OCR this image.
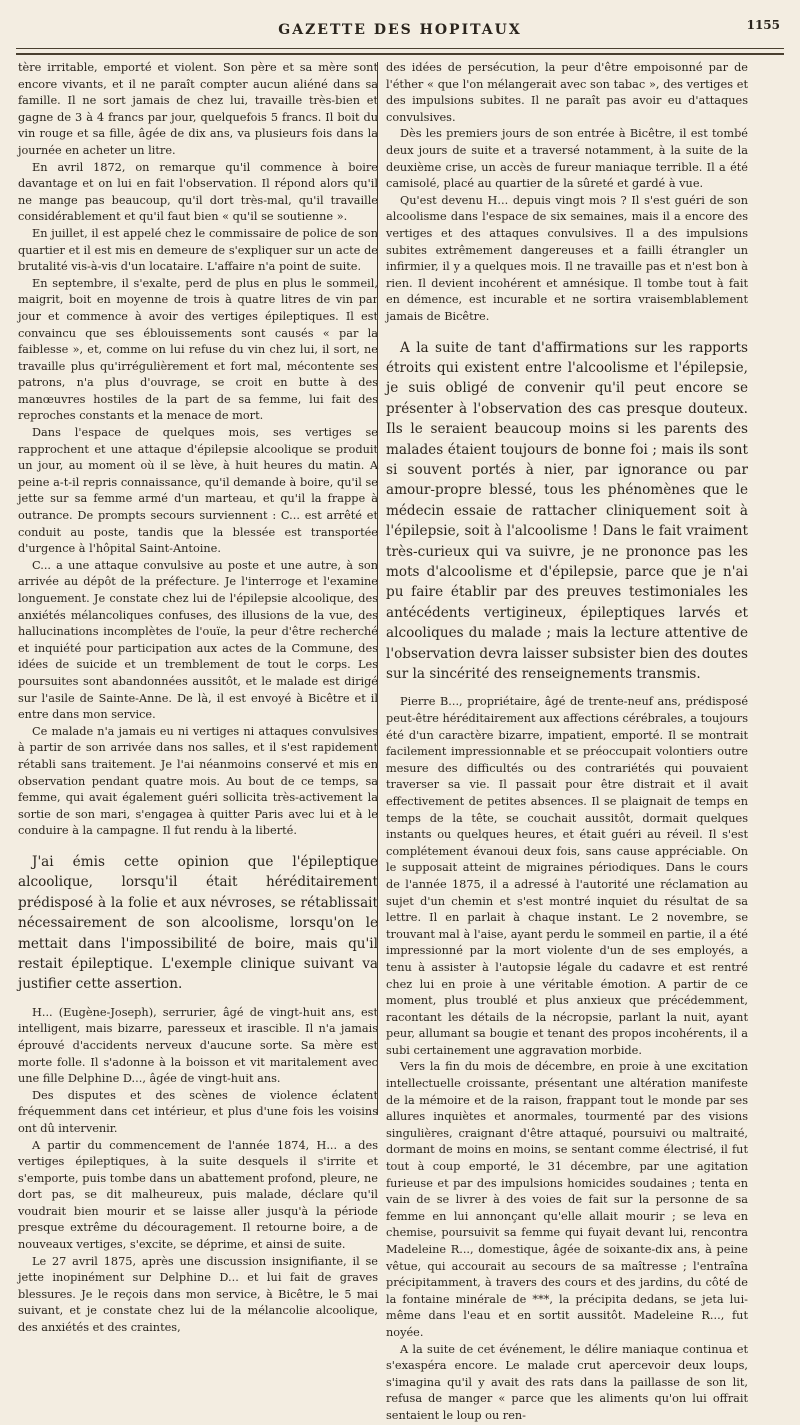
GAZETTE DES HOPITAUX	1155

tère irritable, emporté et violent. Son père et sa mère sont encore vivants, et il ne paraît compter aucun aliéné dans sa famille. Il ne sort jamais de chez lui, travaille très-bien et gagne de 3 à 4 francs par jour, quelquefois 5 francs. Il boit du vin rouge et sa fille, âgée de dix ans, va plusieurs fois dans la journée en acheter un litre.

En avril 1872, on remarque qu'il commence à boire davantage et on lui en fait l'observation. Il répond alors qu'il ne mange pas beaucoup, qu'il dort très-mal, qu'il travaille considérablement et qu'il faut bien « qu'il se soutienne ».

En juillet, il est appelé chez le commissaire de police de son quartier et il est mis en demeure de s'expliquer sur un acte de brutalité vis-à-vis d'un locataire. L'affaire n'a point de suite.

En septembre, il s'exalte, perd de plus en plus le sommeil, maigrit, boit en moyenne de trois à quatre litres de vin par jour et commence à avoir des vertiges épileptiques. Il est convaincu que ses éblouissements sont causés « par la faiblesse », et, comme on lui refuse du vin chez lui, il sort, ne travaille plus qu'irrégulièrement et fort mal, mécontente ses patrons, n'a plus d'ouvrage, se croit en butte à des manœuvres hostiles de la part de sa femme, lui fait des reproches constants et la menace de mort.

Dans l'espace de quelques mois, ses vertiges se rapprochent et une attaque d'épilepsie alcoolique se produit un jour, au moment où il se lève, à huit heures du matin. A peine a-t-il repris connaissance, qu'il demande à boire, qu'il se jette sur sa femme armé d'un marteau, et qu'il la frappe à outrance. De prompts secours surviennent : C... est arrêté et conduit au poste, tandis que la blessée est transportée d'urgence à l'hôpital Saint-Antoine.

C... a une attaque convulsive au poste et une autre, à son arrivée au dépôt de la préfecture. Je l'interroge et l'examine longuement. Je constate chez lui de l'épilepsie alcoolique, des anxiétés mélancoliques confuses, des illusions de la vue, des hallucinations incomplètes de l'ouïe, la peur d'être recherché et inquiété pour participation aux actes de la Commune, des idées de suicide et un tremblement de tout le corps. Les poursuites sont abandonnées aussitôt, et le malade est dirigé sur l'asile de Sainte-Anne. De là, il est envoyé à Bicêtre et il entre dans mon service.

Ce malade n'a jamais eu ni vertiges ni attaques convulsives à partir de son arrivée dans nos salles, et il s'est rapidement rétabli sans traitement. Je l'ai néanmoins conservé et mis en observation pendant quatre mois. Au bout de ce temps, sa femme, qui avait également guéri sollicita très-activement la sortie de son mari, s'engagea à quitter Paris avec lui et à le conduire à la campagne. Il fut rendu à la liberté.

J'ai émis cette opinion que l'épileptique alcoolique, lorsqu'il était héréditairement prédisposé à la folie et aux névroses, se rétablissait nécessairement de son alcoolisme, lorsqu'on le mettait dans l'impossibilité de boire, mais qu'il restait épileptique. L'exemple clinique suivant va justifier cette assertion.

H... (Eugène-Joseph), serrurier, âgé de vingt-huit ans, est intelligent, mais bizarre, paresseux et irascible. Il n'a jamais éprouvé d'accidents nerveux d'aucune sorte. Sa mère est morte folle. Il s'adonne à la boisson et vit maritalement avec une fille Delphine D..., âgée de vingt-huit ans.

Des disputes et des scènes de violence éclatent fréquemment dans cet intérieur, et plus d'une fois les voisins ont dû intervenir.

A partir du commencement de l'année 1874, H... a des vertiges épileptiques, à la suite desquels il s'irrite et s'emporte, puis tombe dans un abattement profond, pleure, ne dort pas, se dit malheureux, puis malade, déclare qu'il voudrait bien mourir et se laisse aller jusqu'à la période presque extrême du découragement. Il retourne boire, a de nouveaux vertiges, s'excite, se déprime, et ainsi de suite.

Le 27 avril 1875, après une discussion insignifiante, il se jette inopinément sur Delphine D... et lui fait de graves blessures. Je le reçois dans mon service, à Bicêtre, le 5 mai suivant, et je constate chez lui de la mélancolie alcoolique, des anxiétés et des craintes,

des idées de persécution, la peur d'être empoisonné par de l'éther « que l'on mélangerait avec son tabac », des vertiges et des impulsions subites. Il ne paraît pas avoir eu d'attaques convulsives.

Dès les premiers jours de son entrée à Bicêtre, il est tombé deux jours de suite et a traversé notamment, à la suite de la deuxième crise, un accès de fureur maniaque terrible. Il a été camisolé, placé au quartier de la sûreté et gardé à vue.

Qu'est devenu H... depuis vingt mois ? Il s'est guéri de son alcoolisme dans l'espace de six semaines, mais il a encore des vertiges et des attaques convulsives. Il a des impulsions subites extrêmement dangereuses et a failli étrangler un infirmier, il y a quelques mois. Il ne travaille pas et n'est bon à rien. Il devient incohérent et amnésique. Il tombe tout à fait en démence, est incurable et ne sortira vraisemblablement jamais de Bicêtre.

A la suite de tant d'affirmations sur les rapports étroits qui existent entre l'alcoolisme et l'épilepsie, je suis obligé de convenir qu'il peut encore se présenter à l'observation des cas presque douteux. Ils le seraient beaucoup moins si les parents des malades étaient toujours de bonne foi ; mais ils sont si souvent portés à nier, par ignorance ou par amour-propre blessé, tous les phénomènes que le médecin essaie de rattacher cliniquement soit à l'épilepsie, soit à l'alcoolisme ! Dans le fait vraiment très-curieux qui va suivre, je ne prononce pas les mots d'alcoolisme et d'épilepsie, parce que je n'ai pu faire établir par des preuves testimoniales les antécédents vertigineux, épileptiques larvés et alcooliques du malade ; mais la lecture attentive de l'observation devra laisser subsister bien des doutes sur la sincérité des renseignements transmis.

Pierre B..., propriétaire, âgé de trente-neuf ans, prédisposé peut-être héréditairement aux affections cérébrales, a toujours été d'un caractère bizarre, impatient, emporté. Il se montrait facilement impressionnable et se préoccupait volontiers outre mesure des difficultés ou des contrariétés qui pouvaient traverser sa vie. Il passait pour être distrait et il avait effectivement de petites absences. Il se plaignait de temps en temps de la tête, se couchait aussitôt, dormait quelques instants ou quelques heures, et était guéri au réveil. Il s'est complétement évanoui deux fois, sans cause appréciable. On le supposait atteint de migraines périodiques. Dans le cours de l'année 1875, il a adressé à l'autorité une réclamation au sujet d'un chemin et s'est montré inquiet du résultat de sa lettre. Il en parlait à chaque instant. Le 2 novembre, se trouvant mal à l'aise, ayant perdu le sommeil en partie, il a été impressionné par la mort violente d'un de ses employés, a tenu à assister à l'autopsie légale du cadavre et est rentré chez lui en proie à une véritable émotion. A partir de ce moment, plus troublé et plus anxieux que précédemment, racontant les détails de la nécropsie, parlant la nuit, ayant peur, allumant sa bougie et tenant des propos incohérents, il a subi certainement une aggravation morbide.

Vers la fin du mois de décembre, en proie à une excitation intellectuelle croissante, présentant une altération manifeste de la mémoire et de la raison, frappant tout le monde par ses allures inquiètes et anormales, tourmenté par des visions singulières, craignant d'être attaqué, poursuivi ou maltraité, dormant de moins en moins, se sentant comme électrisé, il fut tout à coup emporté, le 31 décembre, par une agitation furieuse et par des impulsions homicides soudaines ; tenta en vain de se livrer à des voies de fait sur la personne de sa femme en lui annonçant qu'elle allait mourir ; se leva en chemise, poursuivit sa femme qui fuyait devant lui, rencontra Madeleine R..., domestique, âgée de soixante-dix ans, à peine vêtue, qui accourait au secours de sa maîtresse ; l'entraîna précipitamment, à travers des cours et des jardins, du côté de la fontaine minérale de ***, la précipita dedans, se jeta lui-même dans l'eau et en sortit aussitôt. Madeleine R..., fut noyée.

A la suite de cet événement, le délire maniaque continua et s'exaspéra encore. Le malade crut apercevoir deux loups, s'imagina qu'il y avait des rats dans la paillasse de son lit, refusa de manger « parce que les aliments qu'on lui offrait sentaient le loup ou ren-
